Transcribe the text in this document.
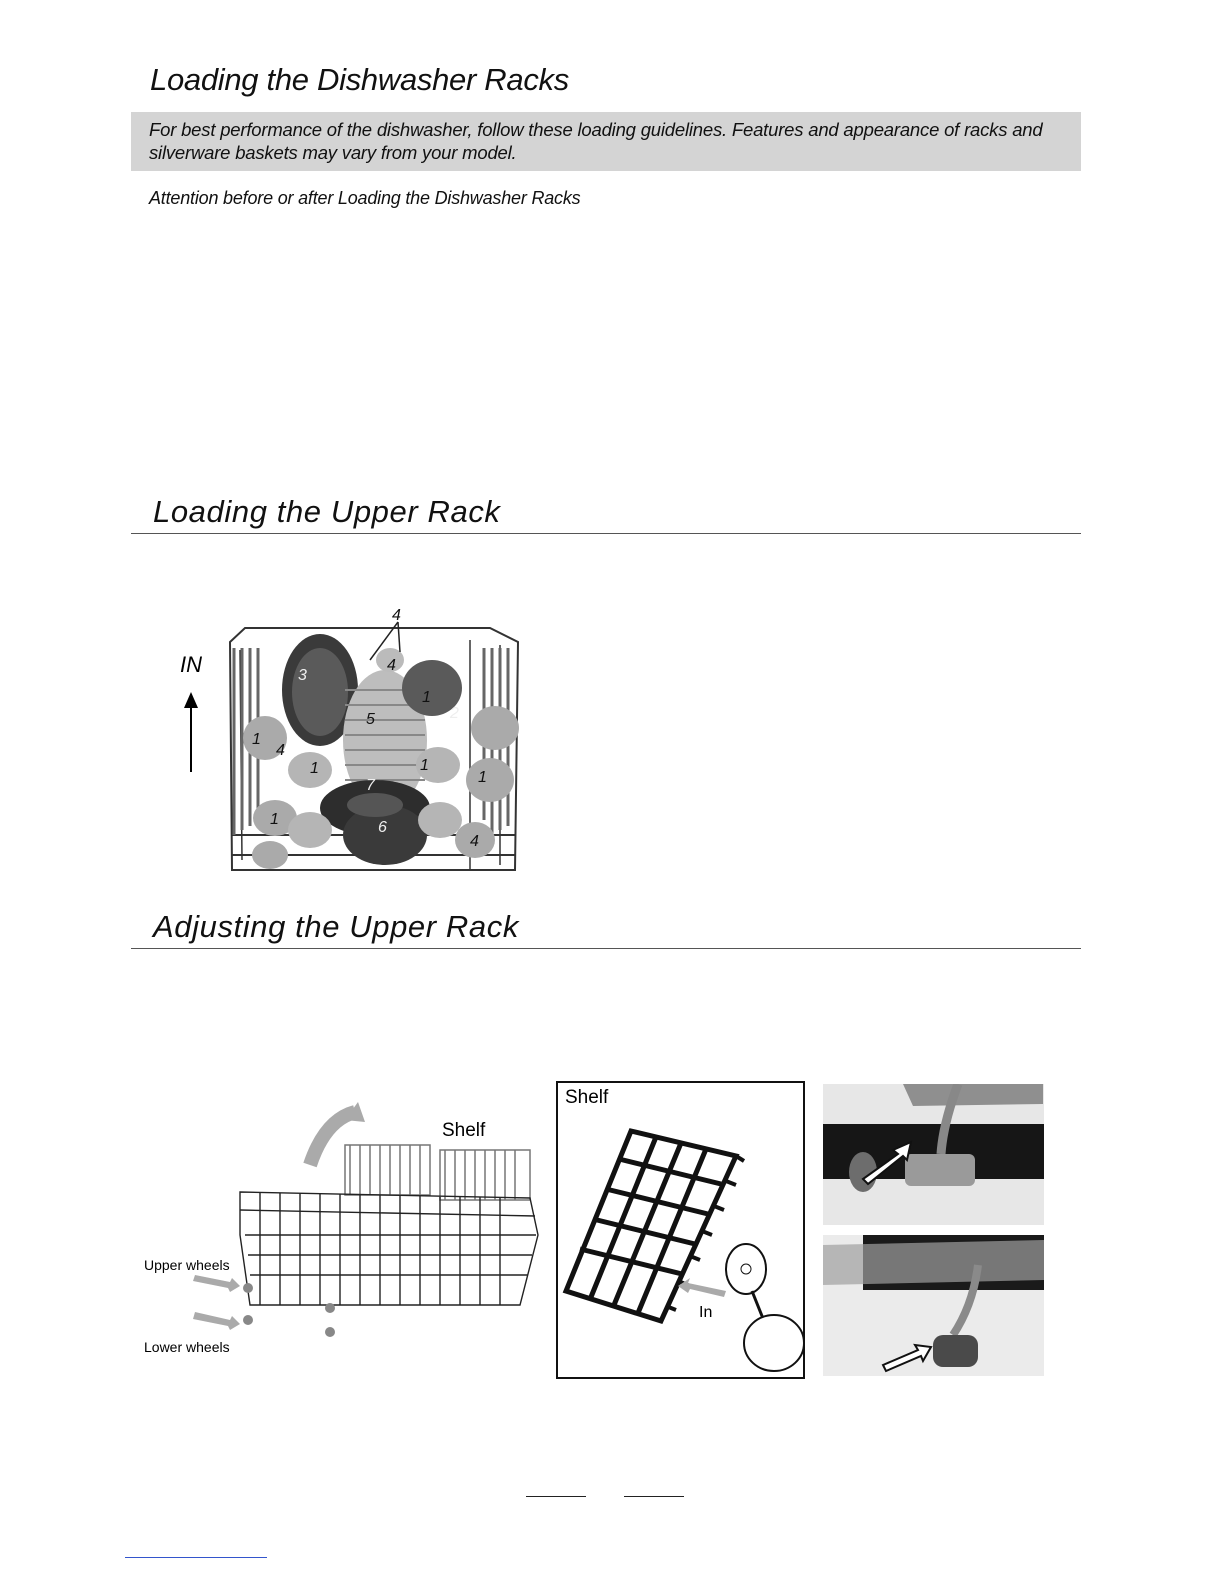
Loading the Dishwasher Racks
For best performance of the dishwasher, follow these loading guidelines. Features and appearance of racks and silverware baskets may vary from your model.
Attention before or after Loading the Dishwasher Racks
Loading the Upper Rack
IN
4
4
3
1
2
5
1
4
1	1
1
7
1	6
4
Adjusting the Upper Rack
Shelf
Upper wheels
Lower wheels
Shelf
In
